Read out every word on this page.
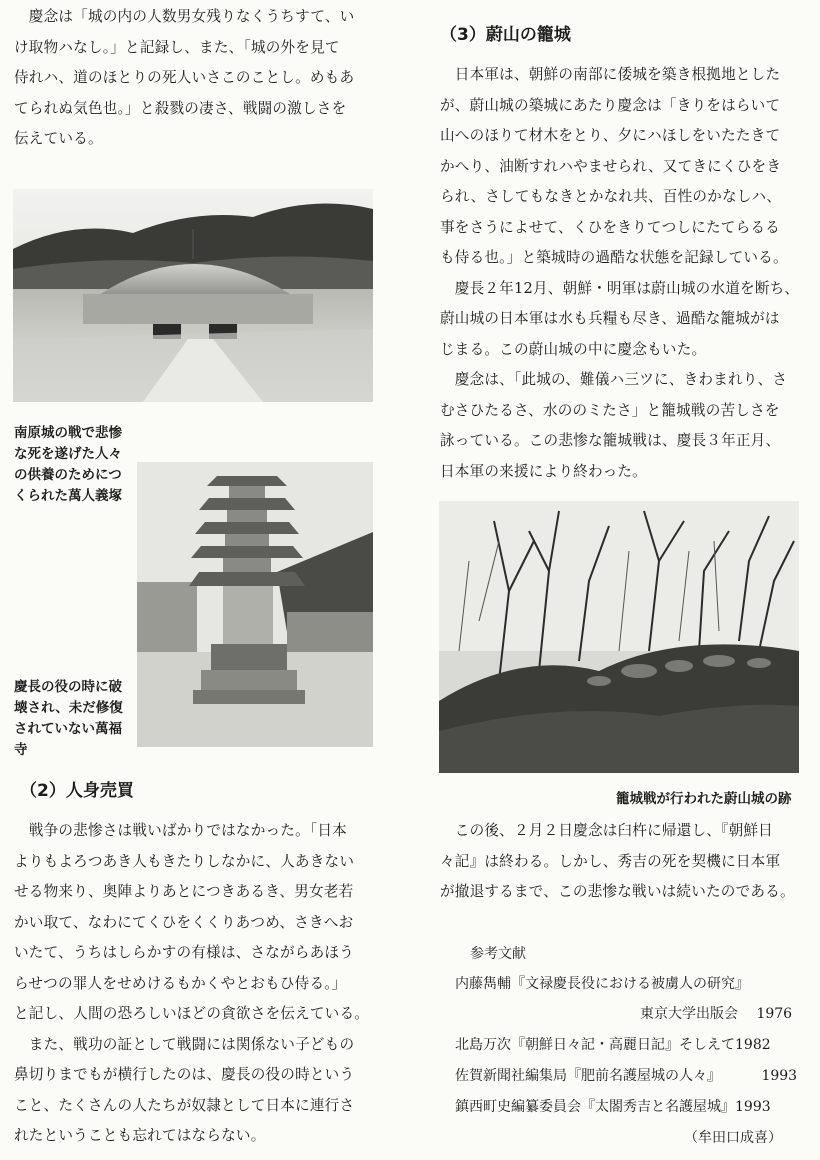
　慶念は「城の内の人数男女残りなくうちすて、い
け取物ハなし。」と記録し、また、「城の外を見て
侍れハ、道のほとりの死人いさこのことし。めもあ
てられぬ気色也。」と殺戮の凄さ、戦闘の激しさを
伝えている。
南原城の戦で悲惨
な死を遂げた人々
の供養のためにつ
くられた萬人義塚
慶長の役の時に破
壊され、未だ修復
されていない萬福
寺
（2）人身売買
　戦争の悲惨さは戦いばかりではなかった。「日本
よりもよろつあき人もきたりしなかに、人あきない
せる物来り、奥陣よりあとにつきあるき、男女老若
かい取て、なわにてくひをくくりあつめ、さきへお
いたて、うちはしらかすの有様は、さながらあほう
らせつの罪人をせめけるもかくやとおもひ侍る。」
と記し、人間の恐ろしいほどの貪欲さを伝えている。
　また、戦功の証として戦闘には関係ない子どもの
鼻切りまでもが横行したのは、慶長の役の時という
こと、たくさんの人たちが奴隷として日本に連行さ
れたということも忘れてはならない。
（3）蔚山の籠城
　日本軍は、朝鮮の南部に倭城を築き根拠地とした
が、蔚山城の築城にあたり慶念は「きりをはらいて
山へのほりて材木をとり、夕にハほしをいたたきて
かへり、油断すれハやませられ、又てきにくひをき
られ、さしてもなきとかなれ共、百性のかなしハ、
事をさうによせて、くひをきりてつしにたてらるる
も侍る也。」と築城時の過酷な状態を記録している。
　慶長２年12月、朝鮮・明軍は蔚山城の水道を断ち、
蔚山城の日本軍は水も兵糧も尽き、過酷な籠城がは
じまる。この蔚山城の中に慶念もいた。
　慶念は、「此城の、難儀ハ三ツに、きわまれり、さ
むさひたるさ、水ののミたさ」と籠城戦の苦しさを
詠っている。この悲惨な籠城戦は、慶長３年正月、
日本軍の来援により終わった。
籠城戦が行われた蔚山城の跡
　この後、２月２日慶念は臼杵に帰還し、『朝鮮日
々記』は終わる。しかし、秀吉の死を契機に日本軍
が撤退するまで、この悲惨な戦いは続いたのである。
参考文献
内藤雋輔『文禄慶長役における被虜人の研究』
東京大学出版会 1976
北島万次『朝鮮日々記・高麗日記』そしえて1982
佐賀新聞社編集局『肥前名護屋城の人々』	1993
鎮西町史編纂委員会『太閤秀吉と名護屋城』1993
（牟田口成喜）
